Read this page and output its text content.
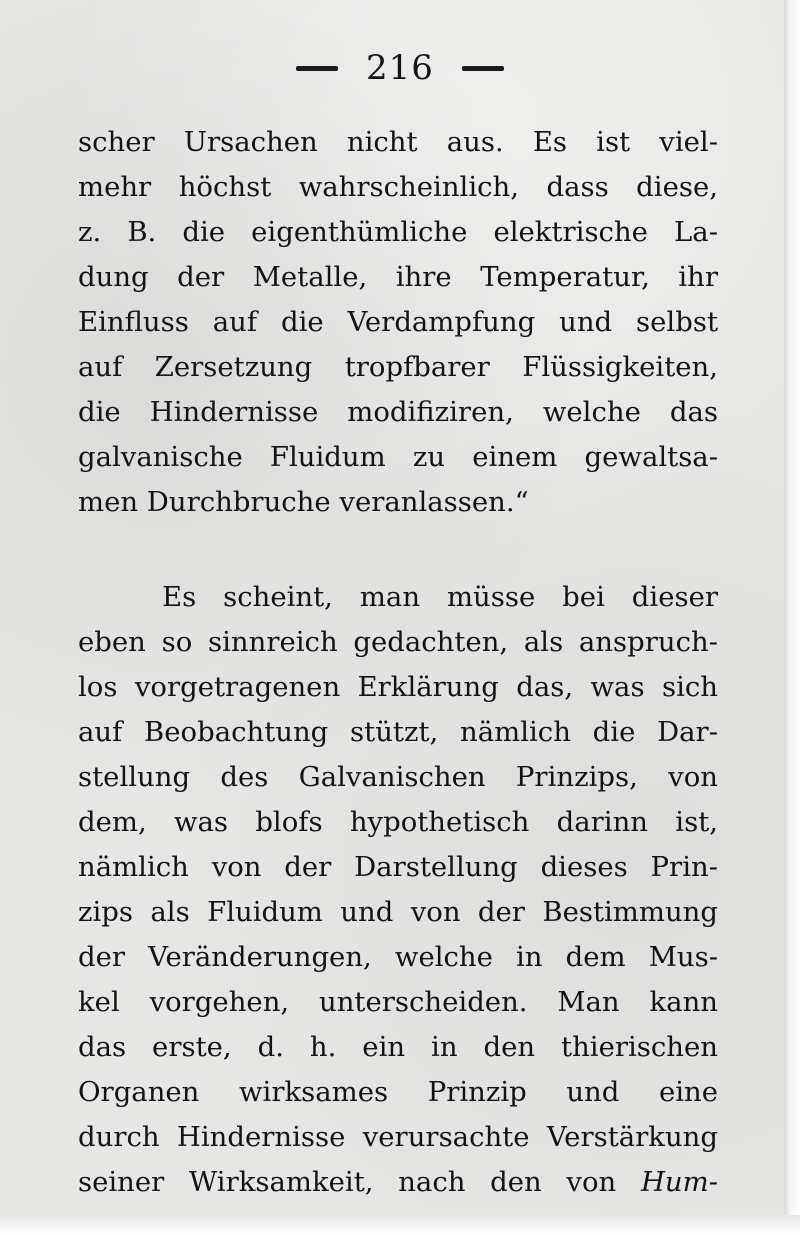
216
scher Ursachen nicht aus. Es ist viel-
mehr höchst wahrscheinlich, dass diese,
z. B. die eigenthümliche elektrische La-
dung der Metalle, ihre Temperatur, ihr
Einfluss auf die Verdampfung und selbst
auf Zersetzung tropfbarer Flüssigkeiten,
die Hindernisse modifiziren, welche das
galvanische Fluidum zu einem gewaltsa-
men Durchbruche veranlassen.“
Es scheint, man müsse bei dieser
eben so sinnreich gedachten, als anspruch-
los vorgetragenen Erklärung das, was sich
auf Beobachtung stützt, nämlich die Dar-
stellung des Galvanischen Prinzips, von
dem, was blofs hypothetisch darinn ist,
nämlich von der Darstellung dieses Prin-
zips als Fluidum und von der Bestimmung
der Veränderungen, welche in dem Mus-
kel vorgehen, unterscheiden. Man kann
das erste, d. h. ein in den thierischen
Organen wirksames Prinzip und eine
durch Hindernisse verursachte Verstärkung
seiner Wirksamkeit, nach den von Hum-
